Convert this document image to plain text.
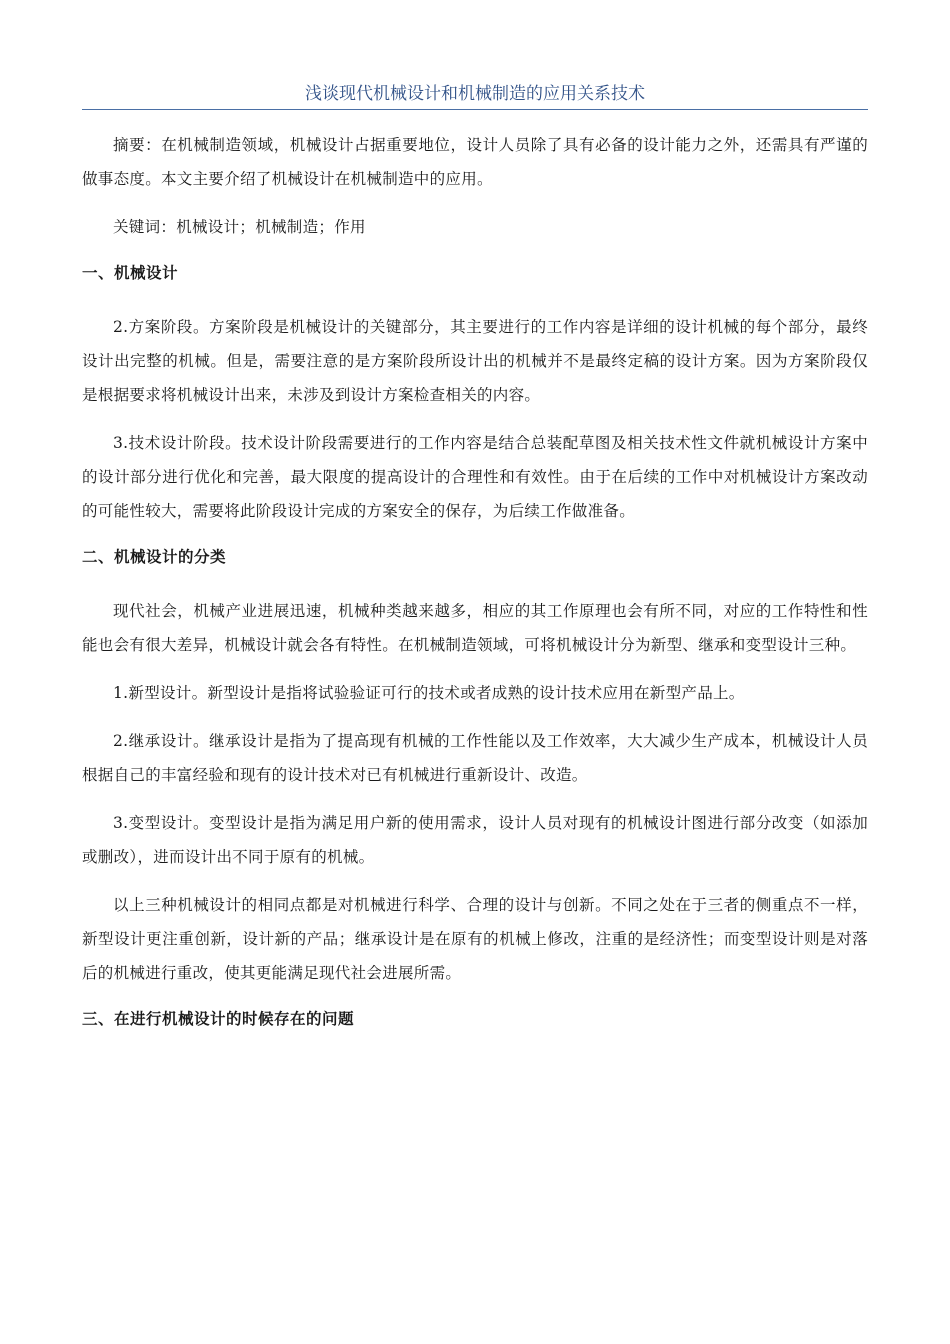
浅谈现代机械设计和机械制造的应用关系技术

摘要：在机械制造领域，机械设计占据重要地位，设计人员除了具有必备的设计能力之外，还需具有严谨的做事态度。本文主要介绍了机械设计在机械制造中的应用。

关键词：机械设计；机械制造；作用

一、机械设计

2.方案阶段。方案阶段是机械设计的关键部分，其主要进行的工作内容是详细的设计机械的每个部分，最终设计出完整的机械。但是，需要注意的是方案阶段所设计出的机械并不是最终定稿的设计方案。因为方案阶段仅是根据要求将机械设计出来，未涉及到设计方案检查相关的内容。

3.技术设计阶段。技术设计阶段需要进行的工作内容是结合总装配草图及相关技术性文件就机械设计方案中的设计部分进行优化和完善，最大限度的提高设计的合理性和有效性。由于在后续的工作中对机械设计方案改动的可能性较大，需要将此阶段设计完成的方案安全的保存，为后续工作做准备。

二、机械设计的分类

现代社会，机械产业进展迅速，机械种类越来越多，相应的其工作原理也会有所不同，对应的工作特性和性能也会有很大差异，机械设计就会各有特性。在机械制造领域，可将机械设计分为新型、继承和变型设计三种。

1.新型设计。新型设计是指将试验验证可行的技术或者成熟的设计技术应用在新型产品上。

2.继承设计。继承设计是指为了提高现有机械的工作性能以及工作效率，大大减少生产成本，机械设计人员根据自己的丰富经验和现有的设计技术对已有机械进行重新设计、改造。

3.变型设计。变型设计是指为满足用户新的使用需求，设计人员对现有的机械设计图进行部分改变（如添加或删改），进而设计出不同于原有的机械。

以上三种机械设计的相同点都是对机械进行科学、合理的设计与创新。不同之处在于三者的侧重点不一样，新型设计更注重创新，设计新的产品；继承设计是在原有的机械上修改，注重的是经济性；而变型设计则是对落后的机械进行重改，使其更能满足现代社会进展所需。

三、在进行机械设计的时候存在的问题
